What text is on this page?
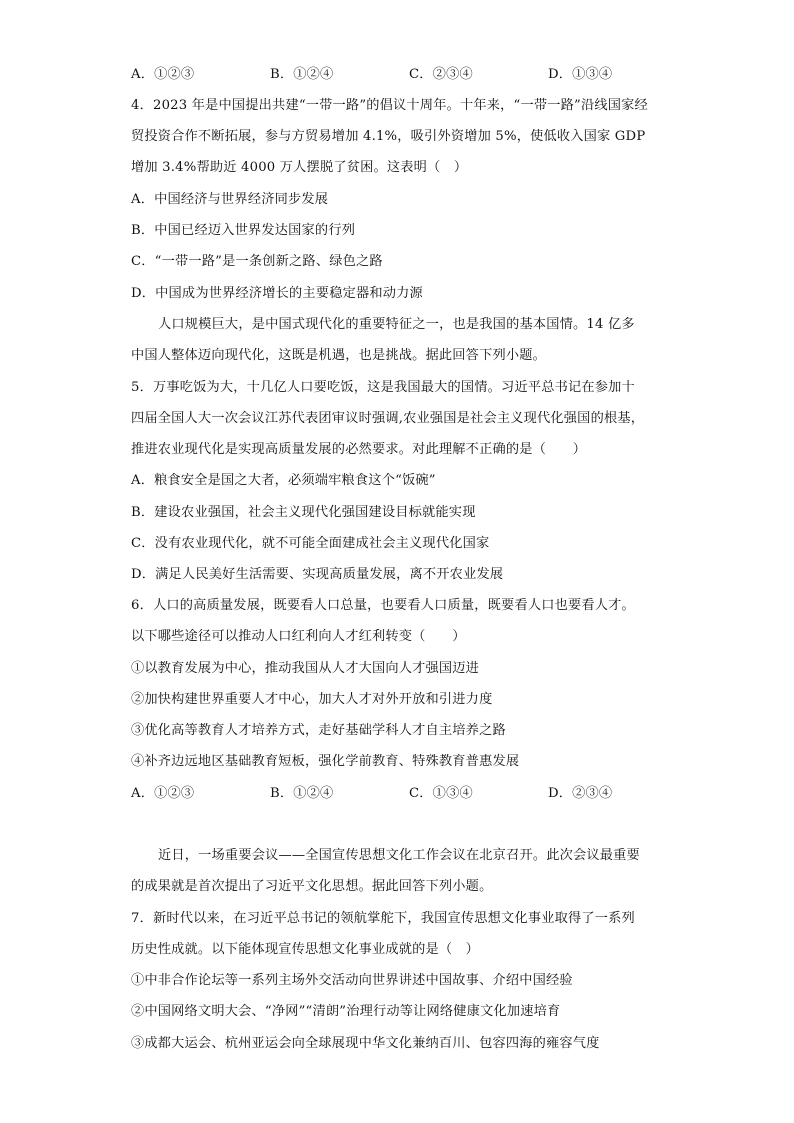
A．①②③	B．①②④	C．②③④	D．①③④
4．2023 年是中国提出共建“一带一路”的倡议十周年。十年来，“一带一路”沿线国家经
贸投资合作不断拓展，参与方贸易增加 4.1%，吸引外资增加 5%，使低收入国家 GDP
增加 3.4%帮助近 4000 万人摆脱了贫困。这表明（　）
A．中国经济与世界经济同步发展
B．中国已经迈入世界发达国家的行列
C．“一带一路”是一条创新之路、绿色之路
D．中国成为世界经济增长的主要稳定器和动力源
人口规模巨大，是中国式现代化的重要特征之一，也是我国的基本国情。14 亿多
中国人整体迈向现代化，这既是机遇，也是挑战。据此回答下列小题。
5．万事吃饭为大，十几亿人口要吃饭，这是我国最大的国情。习近平总书记在参加十
四届全国人大一次会议江苏代表团审议时强调,农业强国是社会主义现代化强国的根基，
推进农业现代化是实现高质量发展的必然要求。对此理解不正确的是（　　）
A．粮食安全是国之大者，必须端牢粮食这个“饭碗”
B．建设农业强国，社会主义现代化强国建设目标就能实现
C．没有农业现代化，就不可能全面建成社会主义现代化国家
D．满足人民美好生活需要、实现高质量发展，离不开农业发展
6．人口的高质量发展，既要看人口总量，也要看人口质量，既要看人口也要看人才。
以下哪些途径可以推动人口红利向人才红利转变（　　）
①以教育发展为中心，推动我国从人才大国向人才强国迈进
②加快构建世界重要人才中心，加大人才对外开放和引进力度
③优化高等教育人才培养方式，走好基础学科人才自主培养之路
④补齐边远地区基础教育短板，强化学前教育、特殊教育普惠发展
A．①②③	B．①②④	C．①③④	D．②③④
近日，一场重要会议——全国宣传思想文化工作会议在北京召开。此次会议最重要
的成果就是首次提出了习近平文化思想。据此回答下列小题。
7．新时代以来，在习近平总书记的领航掌舵下，我国宣传思想文化事业取得了一系列
历史性成就。以下能体现宣传思想文化事业成就的是（　）
①中非合作论坛等一系列主场外交活动向世界讲述中国故事、介绍中国经验
②中国网络文明大会、“净网”“清朗”治理行动等让网络健康文化加速培育
③成都大运会、杭州亚运会向全球展现中华文化兼纳百川、包容四海的雍容气度
